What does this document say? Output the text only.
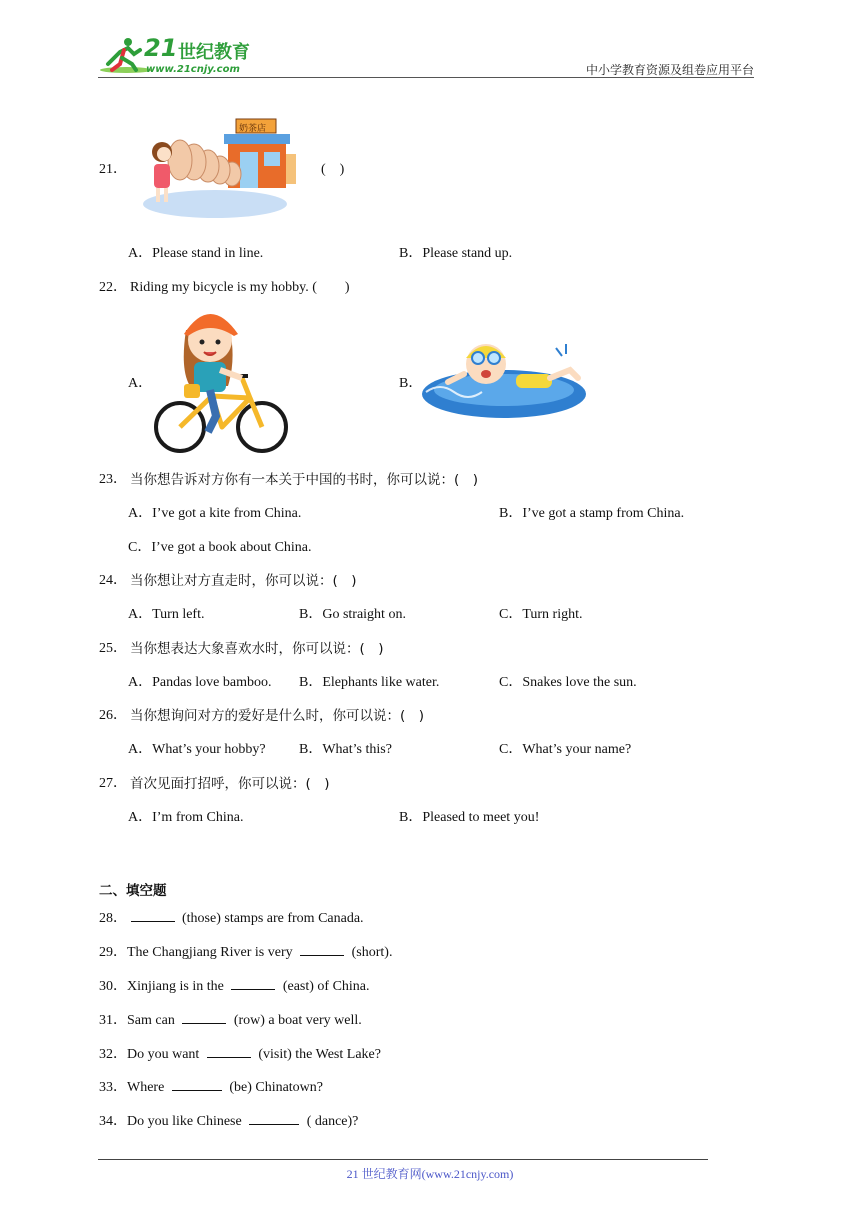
21 世纪教育
www.21cnjy.com	中小学教育资源及组卷应用平台
21．
奶茶店
(　)
A．Please stand in line.	B．Please stand up.
22． Riding my bicycle is my hobby. (　　)
A．	B．
23． 当你想告诉对方你有一本关于中国的书时，你可以说：(　)
A．I’ve got a kite from China.	B．I’ve got a stamp from China.
C．I’ve got a book about China.
24． 当你想让对方直走时，你可以说：(　)
A．Turn left.	B．Go straight on.	C．Turn right.
25． 当你想表达大象喜欢水时，你可以说：(　)
A．Pandas love bamboo. B．Elephants like water.	C．Snakes love the sun.
26． 当你想询问对方的爱好是什么时，你可以说：(　)
A．What’s your hobby? B．What’s this?	C．What’s your name?
27． 首次见面打招呼，你可以说：(　)
A．I’m from China.	B．Pleased to meet you!
二、填空题
28．	(those) stamps are from Canada.
29．The Changjiang River is very	(short).
30．Xinjiang is in the	(east) of China.
31．Sam can	(row) a boat very well.
32．Do you want	(visit) the West Lake?
33．Where	(be) Chinatown?
34．Do you like Chinese	( dance)?
21 世纪教育网(www.21cnjy.com)
